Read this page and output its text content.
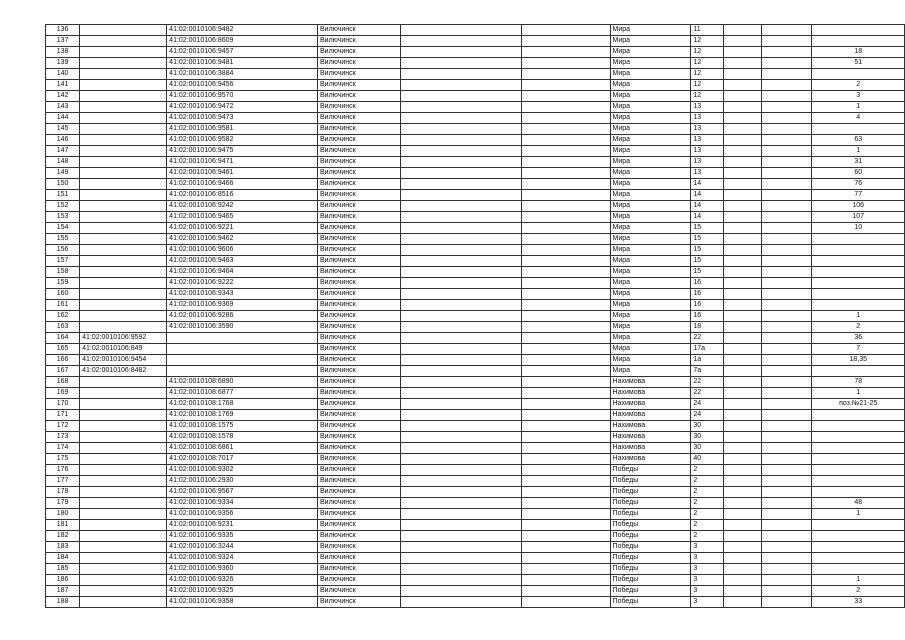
136		41:02:0010106:9482	Вилючинск			Мира	11			
137		41:02:0010106:8609	Вилючинск			Мира	12			
138		41:02:0010106:9457	Вилючинск			Мира	12			18
139		41:02:0010106:9481	Вилючинск			Мира	12			51
140		41:02:0010106:3884	Вилючинск			Мира	12			
141		41:02:0010106:9456	Вилючинск			Мира	12			2
142		41:02:0010106:9570	Вилючинск			Мира	12			3
143		41:02:0010106:9472	Вилючинск			Мира	13			1
144		41:02:0010106:9473	Вилючинск			Мира	13			4
145		41:02:0010106:9581	Вилючинск			Мира	13			
146		41:02:0010106:9582	Вилючинск			Мира	13			63
147		41:02:0010106:9475	Вилючинск			Мира	13			1
148		41:02:0010106:9471	Вилючинск			Мира	13			31
149		41:02:0010106:9461	Вилючинск			Мира	13			60
150		41:02:0010106:9466	Вилючинск			Мира	14			76
151		41:02:0010106:8516	Вилючинск			Мира	14			77
152		41:02:0010106:9242	Вилючинск			Мира	14			106
153		41:02:0010106:9465	Вилючинск			Мира	14			107
154		41:02:0010106:9221	Вилючинск			Мира	15			10
155		41:02:0010106:9462	Вилючинск			Мира	15			
156		41:02:0010106:9606	Вилючинск			Мира	15			
157		41:02:0010106:9463	Вилючинск			Мира	15			
158		41:02:0010106:9464	Вилючинск			Мира	15			
159		41:02:0010106:9222	Вилючинск			Мира	16			
160		41:02:0010106:9343	Вилючинск			Мира	16			
161		41:02:0010106:9369	Вилючинск			Мира	16			
162		41:02:0010106:9286	Вилючинск			Мира	16			1
163		41:02:0010106:3590	Вилючинск			Мира	18			2
164	41:02:0010106:9592		Вилючинск			Мира	22			36
165	41:02:0010106:849		Вилючинск			Мира	17а			7
166	41:02:0010106:9454		Вилючинск			Мира	1а			18,35
167	41:02:0010106:8482		Вилючинск			Мира	7а			
168		41:02:0010108:6890	Вилючинск			Нахимова	22			78
169		41:02:0010108:6877	Вилючинск			Нахимова	22			1
170		41:02:0010108:1768	Вилючинск			Нахимова	24			поз.№21-25
171		41:02:0010108:1769	Вилючинск			Нахимова	24			
172		41:02:0010108:1575	Вилючинск			Нахимова	30			
173		41:02:0010108:1578	Вилючинск			Нахимова	30			
174		41:02:0010108:6861	Вилючинск			Нахимова	30			
175		41:02:0010108:7017	Вилючинск			Нахимова	40			
176		41:02:0010106:9302	Вилючинск			Победы	2			
177		41:02:0010106:2930	Вилючинск			Победы	2			
178		41:02:0010106:9567	Вилючинск			Победы	2			
179		41:02:0010106:9334	Вилючинск			Победы	2			48
180		41:02:0010106:9356	Вилючинск			Победы	2			1
181		41:02:0010106:9231	Вилючинск			Победы	2			
182		41:02:0010106:9335	Вилючинск			Победы	2			
183		41:02:0010106:3244	Вилючинск			Победы	3			
184		41:02:0010106:9324	Вилючинск			Победы	3			
185		41:02:0010106:9360	Вилючинск			Победы	3			
186		41:02:0010106:9326	Вилючинск			Победы	3			1
187		41:02:0010106:9325	Вилючинск			Победы	3			2
188		41:02:0010106:9358	Вилючинск			Победы	3			33
